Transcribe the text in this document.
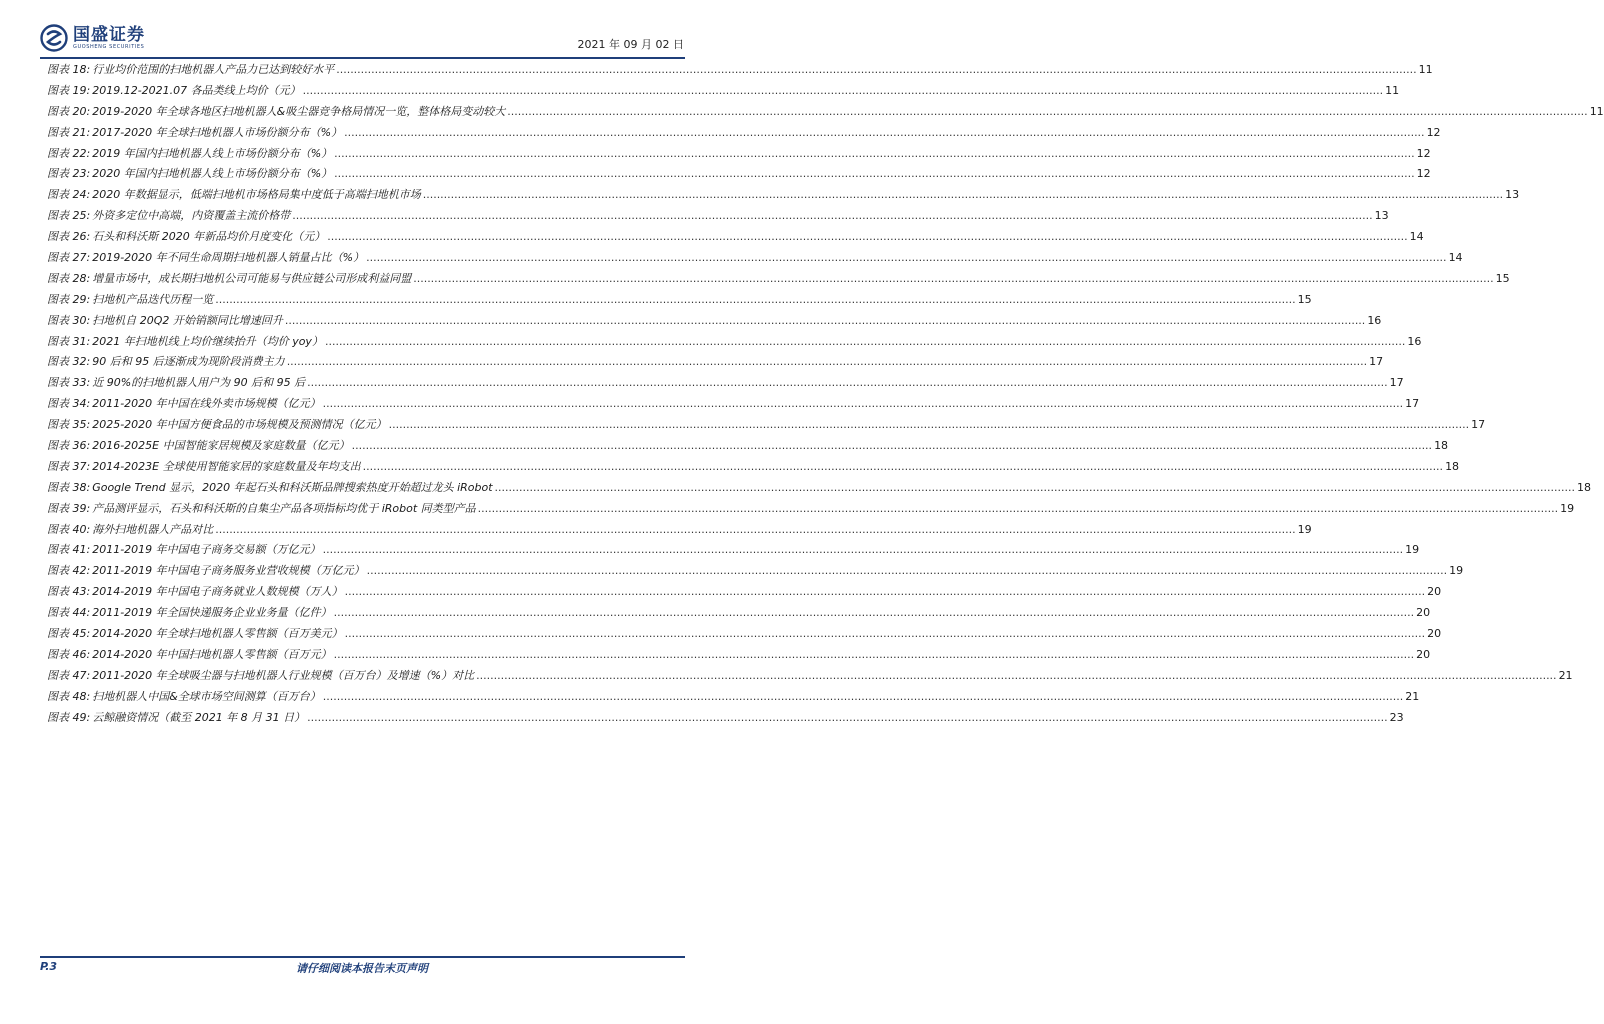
国盛证券
GUOSHENG SECURITIES	2021 年 09 月 02 日
图表 18: 行业均价范围的扫地机器人产品力已达到较好水平 .....	11
图表 19: 2019.12-2021.07 各品类线上均价（元） .....	11
图表 20: 2019-2020 年全球各地区扫地机器人&吸尘器竞争格局情况一览，整体格局变动较大 .....	11
图表 21: 2017-2020 年全球扫地机器人市场份额分布（%） .....	12
图表 22: 2019 年国内扫地机器人线上市场份额分布（%） .....	12
图表 23: 2020 年国内扫地机器人线上市场份额分布（%） .....	12
图表 24: 2020 年数据显示，低端扫地机市场格局集中度低于高端扫地机市场 .....	13
图表 25: 外资多定位中高端，内资覆盖主流价格带 .....	13
图表 26: 石头和科沃斯 2020 年新品均价月度变化（元） .....	14
图表 27: 2019-2020 年不同生命周期扫地机器人销量占比（%） .....	14
图表 28: 增量市场中，成长期扫地机公司可能易与供应链公司形成利益同盟 .....	15
图表 29: 扫地机产品迭代历程一览 .....	15
图表 30: 扫地机自 20Q2 开始销额同比增速回升 .....	16
图表 31: 2021 年扫地机线上均价继续抬升（均价 yoy） .....	16
图表 32: 90 后和 95 后逐渐成为现阶段消费主力 .....	17
图表 33: 近 90%的扫地机器人用户为 90 后和 95 后 .....	17
图表 34: 2011-2020 年中国在线外卖市场规模（亿元） .....	17
图表 35: 2025-2020 年中国方便食品的市场规模及预测情况（亿元） .....	17
图表 36: 2016-2025E 中国智能家居规模及家庭数量（亿元） .....	18
图表 37: 2014-2023E 全球使用智能家居的家庭数量及年均支出 .....	18
图表 38: Google Trend 显示，2020 年起石头和科沃斯品牌搜索热度开始超过龙头 iRobot .....	18
图表 39: 产品测评显示，石头和科沃斯的自集尘产品各项指标均优于 iRobot 同类型产品 .....	19
图表 40: 海外扫地机器人产品对比 .....	19
图表 41: 2011-2019 年中国电子商务交易额（万亿元） .....	19
图表 42: 2011-2019 年中国电子商务服务业营收规模（万亿元） .....	19
图表 43: 2014-2019 年中国电子商务就业人数规模（万人） .....	20
图表 44: 2011-2019 年全国快递服务企业业务量（亿件） .....	20
图表 45: 2014-2020 年全球扫地机器人零售额（百万美元） .....	20
图表 46: 2014-2020 年中国扫地机器人零售额（百万元） .....	20
图表 47: 2011-2020 年全球吸尘器与扫地机器人行业规模（百万台）及增速（%）对比 .....	21
图表 48: 扫地机器人中国&全球市场空间测算（百万台） .....	21
图表 49: 云鲸融资情况（截至 2021 年 8 月 31 日） .....	23
P.3	请仔细阅读本报告末页声明
